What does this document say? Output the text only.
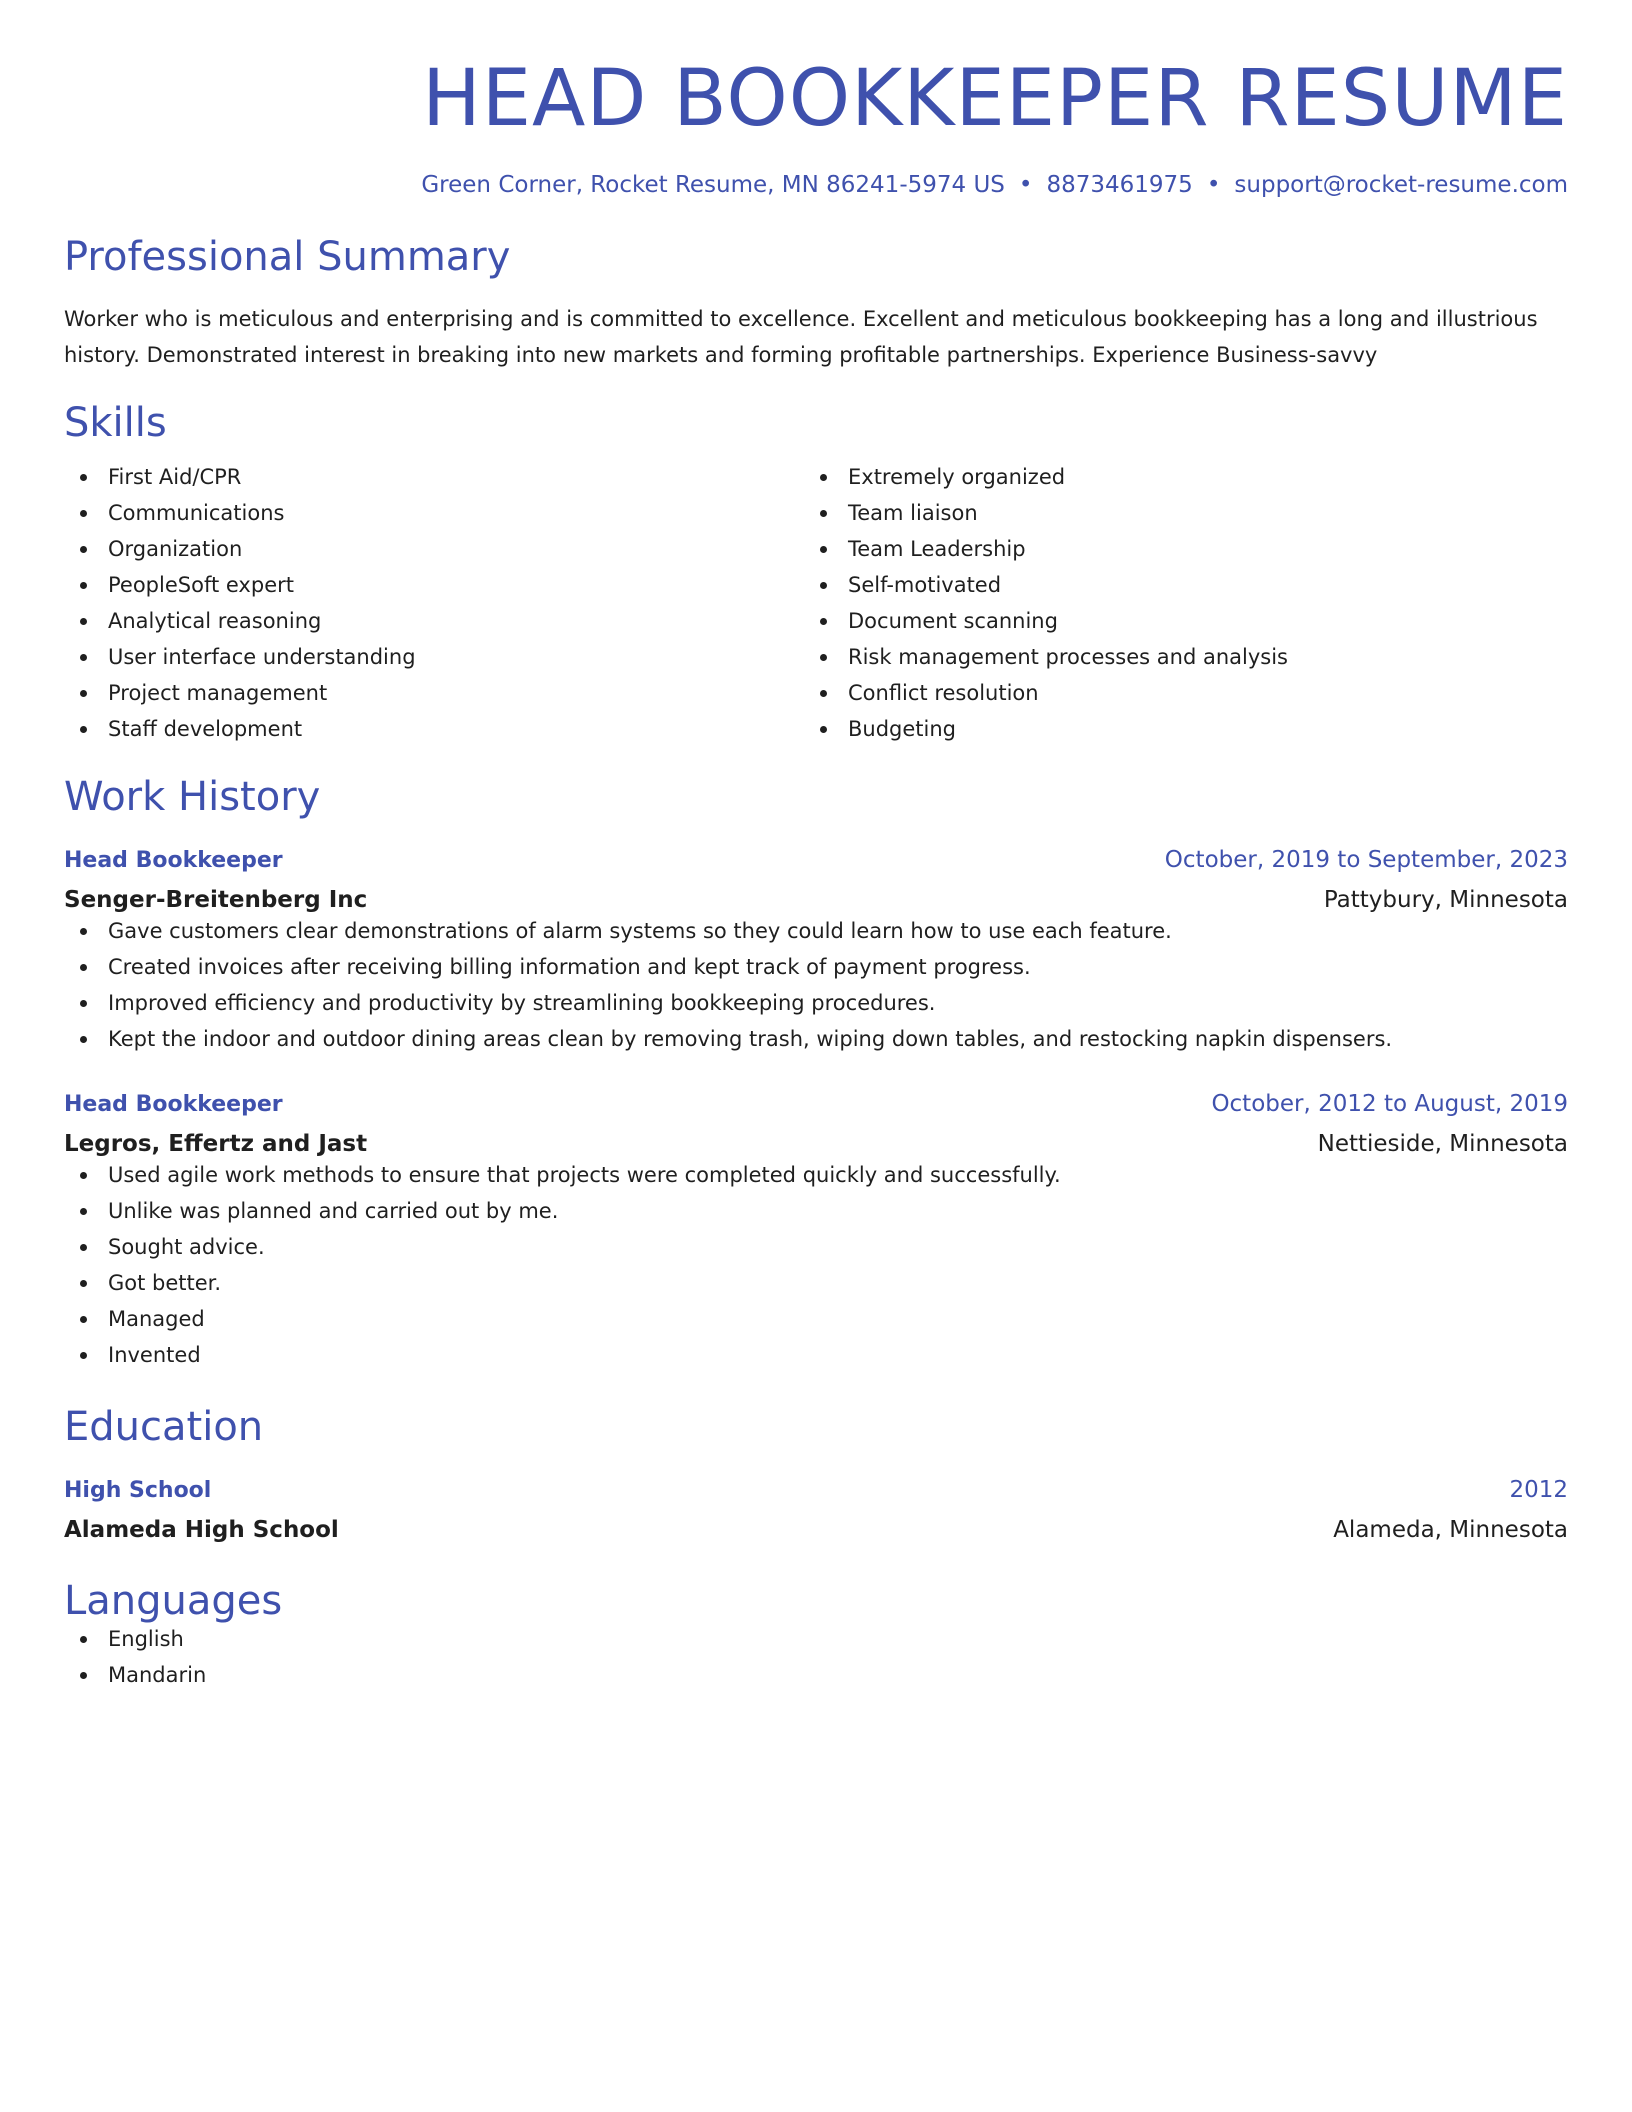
HEAD BOOKKEEPER RESUME
Green Corner, Rocket Resume, MN 86241-5974 US • 8873461975 • support@rocket-resume.com
Professional Summary
Worker who is meticulous and enterprising and is committed to excellence. Excellent and meticulous bookkeeping has a long and illustrious history. Demonstrated interest in breaking into new markets and forming profitable partnerships. Experience Business-savvy
Skills
First Aid/CPR
Communications
Organization
PeopleSoft expert
Analytical reasoning
User interface understanding
Project management
Staff development
Extremely organized
Team liaison
Team Leadership
Self-motivated
Document scanning
Risk management processes and analysis
Conflict resolution
Budgeting
Work History
Head Bookkeeper	October, 2019 to September, 2023
Senger-Breitenberg Inc	Pattybury, Minnesota
Gave customers clear demonstrations of alarm systems so they could learn how to use each feature.
Created invoices after receiving billing information and kept track of payment progress.
Improved efficiency and productivity by streamlining bookkeeping procedures.
Kept the indoor and outdoor dining areas clean by removing trash, wiping down tables, and restocking napkin dispensers.
Head Bookkeeper	October, 2012 to August, 2019
Legros, Effertz and Jast	Nettieside, Minnesota
Used agile work methods to ensure that projects were completed quickly and successfully.
Unlike was planned and carried out by me.
Sought advice.
Got better.
Managed
Invented
Education
High School	2012
Alameda High School	Alameda, Minnesota
Languages
English
Mandarin
